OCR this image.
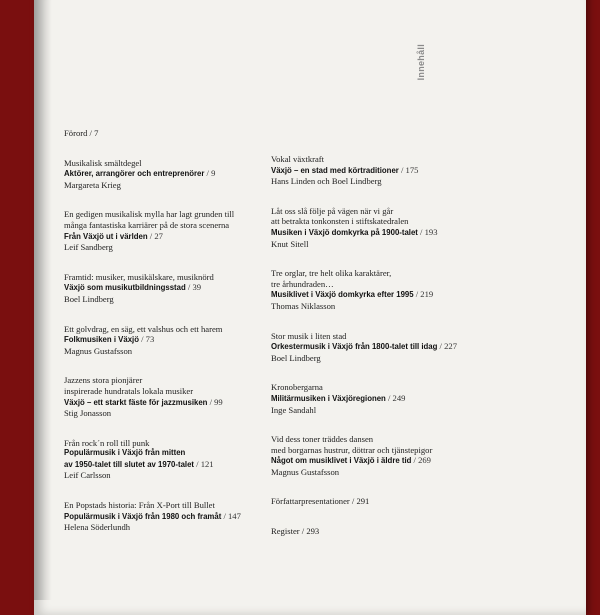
Innehåll
Förord / 7
Musikalisk smältdegel
Aktörer, arrangörer och entreprenörer / 9
Margareta Krieg
En gedigen musikalisk mylla har lagt grunden till
många fantastiska karriärer på de stora scenerna
Från Växjö ut i världen / 27
Leif Sandberg
Framtid: musiker, musikälskare, musiknörd
Växjö som musikutbildningsstad / 39
Boel Lindberg
Ett golvdrag, en säg, ett valshus och ett harem
Folkmusiken i Växjö / 73
Magnus Gustafsson
Jazzens stora pionjärer
inspirerade hundratals lokala musiker
Växjö – ett starkt fäste för jazzmusiken / 99
Stig Jonasson
Från rock´n roll till punk
Populärmusik i Växjö från mitten
av 1950-talet till slutet av 1970-talet / 121
Leif Carlsson
En Popstads historia: Från X-Port till Bullet
Populärmusik i Växjö från 1980 och framåt / 147
Helena Söderlundh
Vokal växtkraft
Växjö – en stad med körtraditioner / 175
Hans Linden och Boel Lindberg
Låt oss slå följe på vägen när vi går
att betrakta tonkonsten i stiftskatedralen
Musiken i Växjö domkyrka på 1900-talet / 193
Knut Sitell
Tre orglar, tre helt olika karaktärer,
tre århundraden…
Musiklivet i Växjö domkyrka efter 1995 / 219
Thomas Niklasson
Stor musik i liten stad
Orkestermusik i Växjö från 1800-talet till idag / 227
Boel Lindberg
Kronobergarna
Militärmusiken i Växjöregionen / 249
Inge Sandahl
Vid dess toner träddes dansen
med borgarnas hustrur, döttrar och tjänstepigor
Något om musiklivet i Växjö i äldre tid / 269
Magnus Gustafsson
Författarpresentationer / 291
Register / 293
